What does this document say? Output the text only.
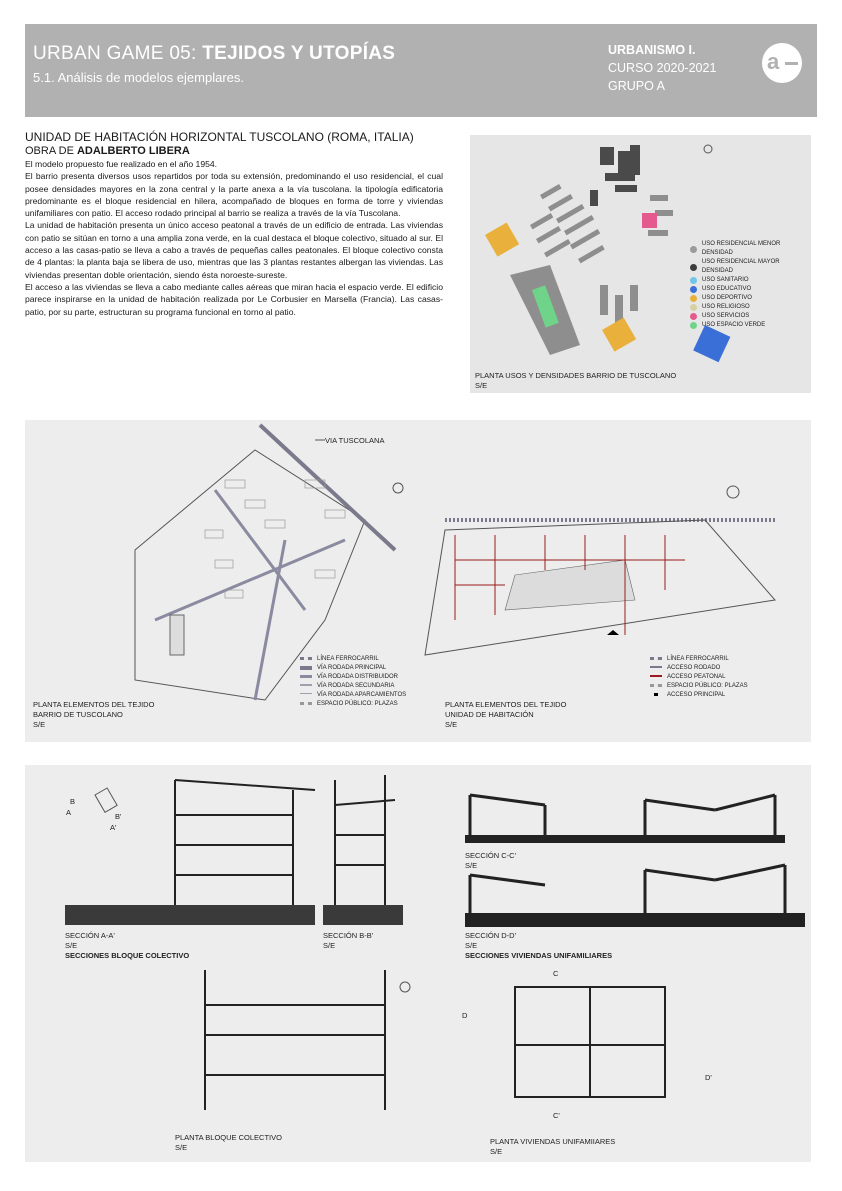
URBAN GAME 05: TEJIDOS Y UTOPÍAS
5.1. Análisis de modelos ejemplares.
URBANISMO I.
CURSO 2020-2021
GRUPO A
a
UNIDAD DE HABITACIÓN HORIZONTAL TUSCOLANO (ROMA, ITALIA)
OBRA DE ADALBERTO LIBERA
El modelo propuesto fue realizado en el año 1954.
El barrio presenta diversos usos repartidos por toda su extensión, predominando el uso residencial, el cual posee densidades mayores en la zona central y la parte anexa a la vía tuscolana. la tipología edificatoria predominante es el bloque residencial en hilera, acompañado de bloques en forma de torre y viviendas unifamiliares con patio. El acceso rodado principal al barrio se realiza a través de la vía Tuscolana.
La unidad de habitación presenta un único acceso peatonal a través de un edificio de entrada. Las viviendas con patio se sitúan en torno a una amplia zona verde, en la cual destaca el bloque colectivo, situado al sur. El acceso a las casas-patio se lleva a cabo a través de pequeñas calles peatonales. El bloque colectivo consta de 4 plantas: la planta baja se libera de uso, mientras que las 3 plantas restantes albergan las viviendas. Las viviendas presentan doble orientación, siendo ésta noroeste-sureste.
El acceso a las viviendas se lleva a cabo mediante calles aéreas que miran hacia el espacio verde. El edificio parece inspirarse en la unidad de habitación realizada por Le Corbusier en Marsella (Francia). Las casas-patio, por su parte, estructuran su programa funcional en torno al patio.
USO RESIDENCIAL MENOR DENSIDAD
USO RESIDENCIAL MAYOR DENSIDAD
USO SANITARIO
USO EDUCATIVO
USO DEPORTIVO
USO RELIGIOSO
USO SERVICIOS
USO ESPACIO VERDE
PLANTA USOS Y DENSIDADES BARRIO DE TUSCOLANO
S/E
VIA TUSCOLANA
LÍNEA FERROCARRIL
VÍA RODADA PRINCIPAL
VÍA RODADA DISTRIBUIDOR
VÍA RODADA SECUNDARIA
VÍA RODADA APARCAMIENTOS
ESPACIO PÚBLICO: PLAZAS
LÍNEA FERROCARRIL
ACCESO RODADO
ACCESO PEATONAL
ESPACIO PÚBLICO: PLAZAS
ACCESO PRINCIPAL
PLANTA ELEMENTOS DEL TEJIDO
BARRIO DE TUSCOLANO
S/E
PLANTA ELEMENTOS DEL TEJIDO
UNIDAD DE HABITACIÓN
S/E
B
A	B'
A'
C
C'
D
D'
SECCIÓN A-A'
S/E
SECCIONES BLOQUE COLECTIVO
SECCIÓN B-B'
S/E
SECCIÓN C-C'
S/E
SECCIÓN D-D'
S/E
SECCIONES VIVIENDAS UNIFAMILIARES
PLANTA BLOQUE COLECTIVO
S/E
PLANTA VIVIENDAS UNIFAMIIARES
S/E
